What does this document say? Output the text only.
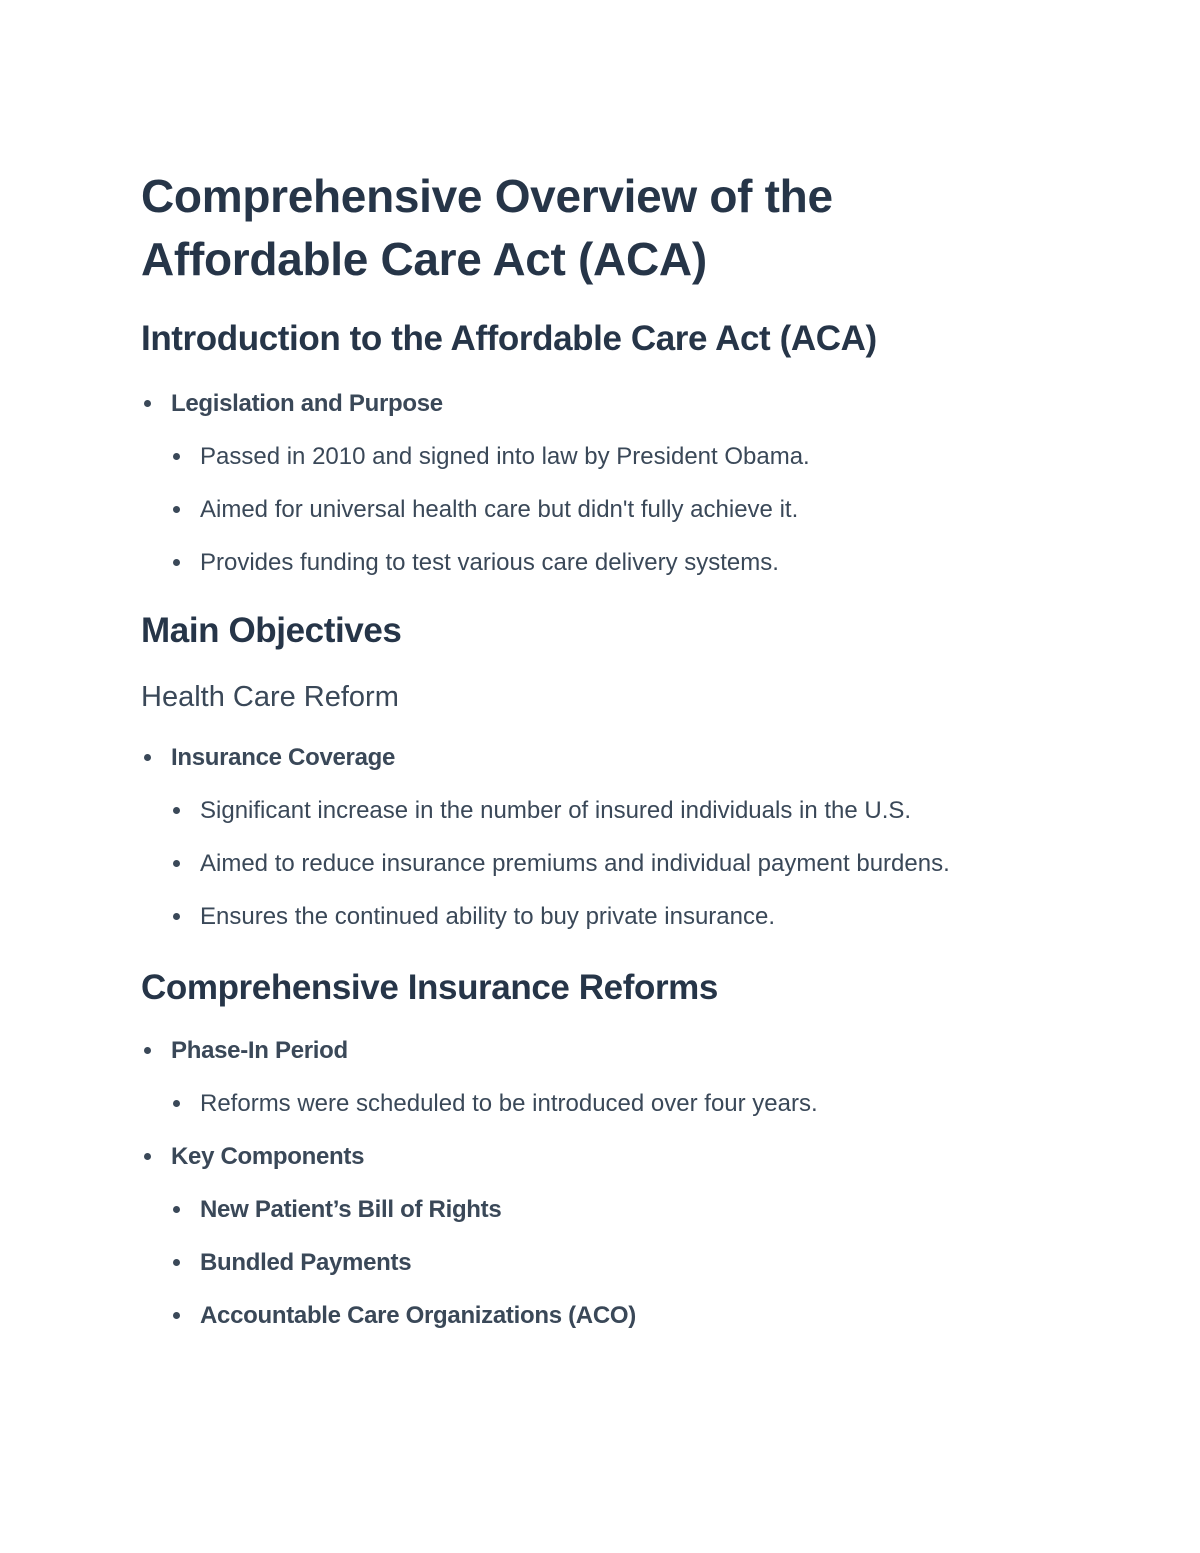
Comprehensive Overview of the Affordable Care Act (ACA)
Introduction to the Affordable Care Act (ACA)
Legislation and Purpose
Passed in 2010 and signed into law by President Obama.
Aimed for universal health care but didn't fully achieve it.
Provides funding to test various care delivery systems.
Main Objectives
Health Care Reform
Insurance Coverage
Significant increase in the number of insured individuals in the U.S.
Aimed to reduce insurance premiums and individual payment burdens.
Ensures the continued ability to buy private insurance.
Comprehensive Insurance Reforms
Phase-In Period
Reforms were scheduled to be introduced over four years.
Key Components
New Patient’s Bill of Rights
Bundled Payments
Accountable Care Organizations (ACO)
